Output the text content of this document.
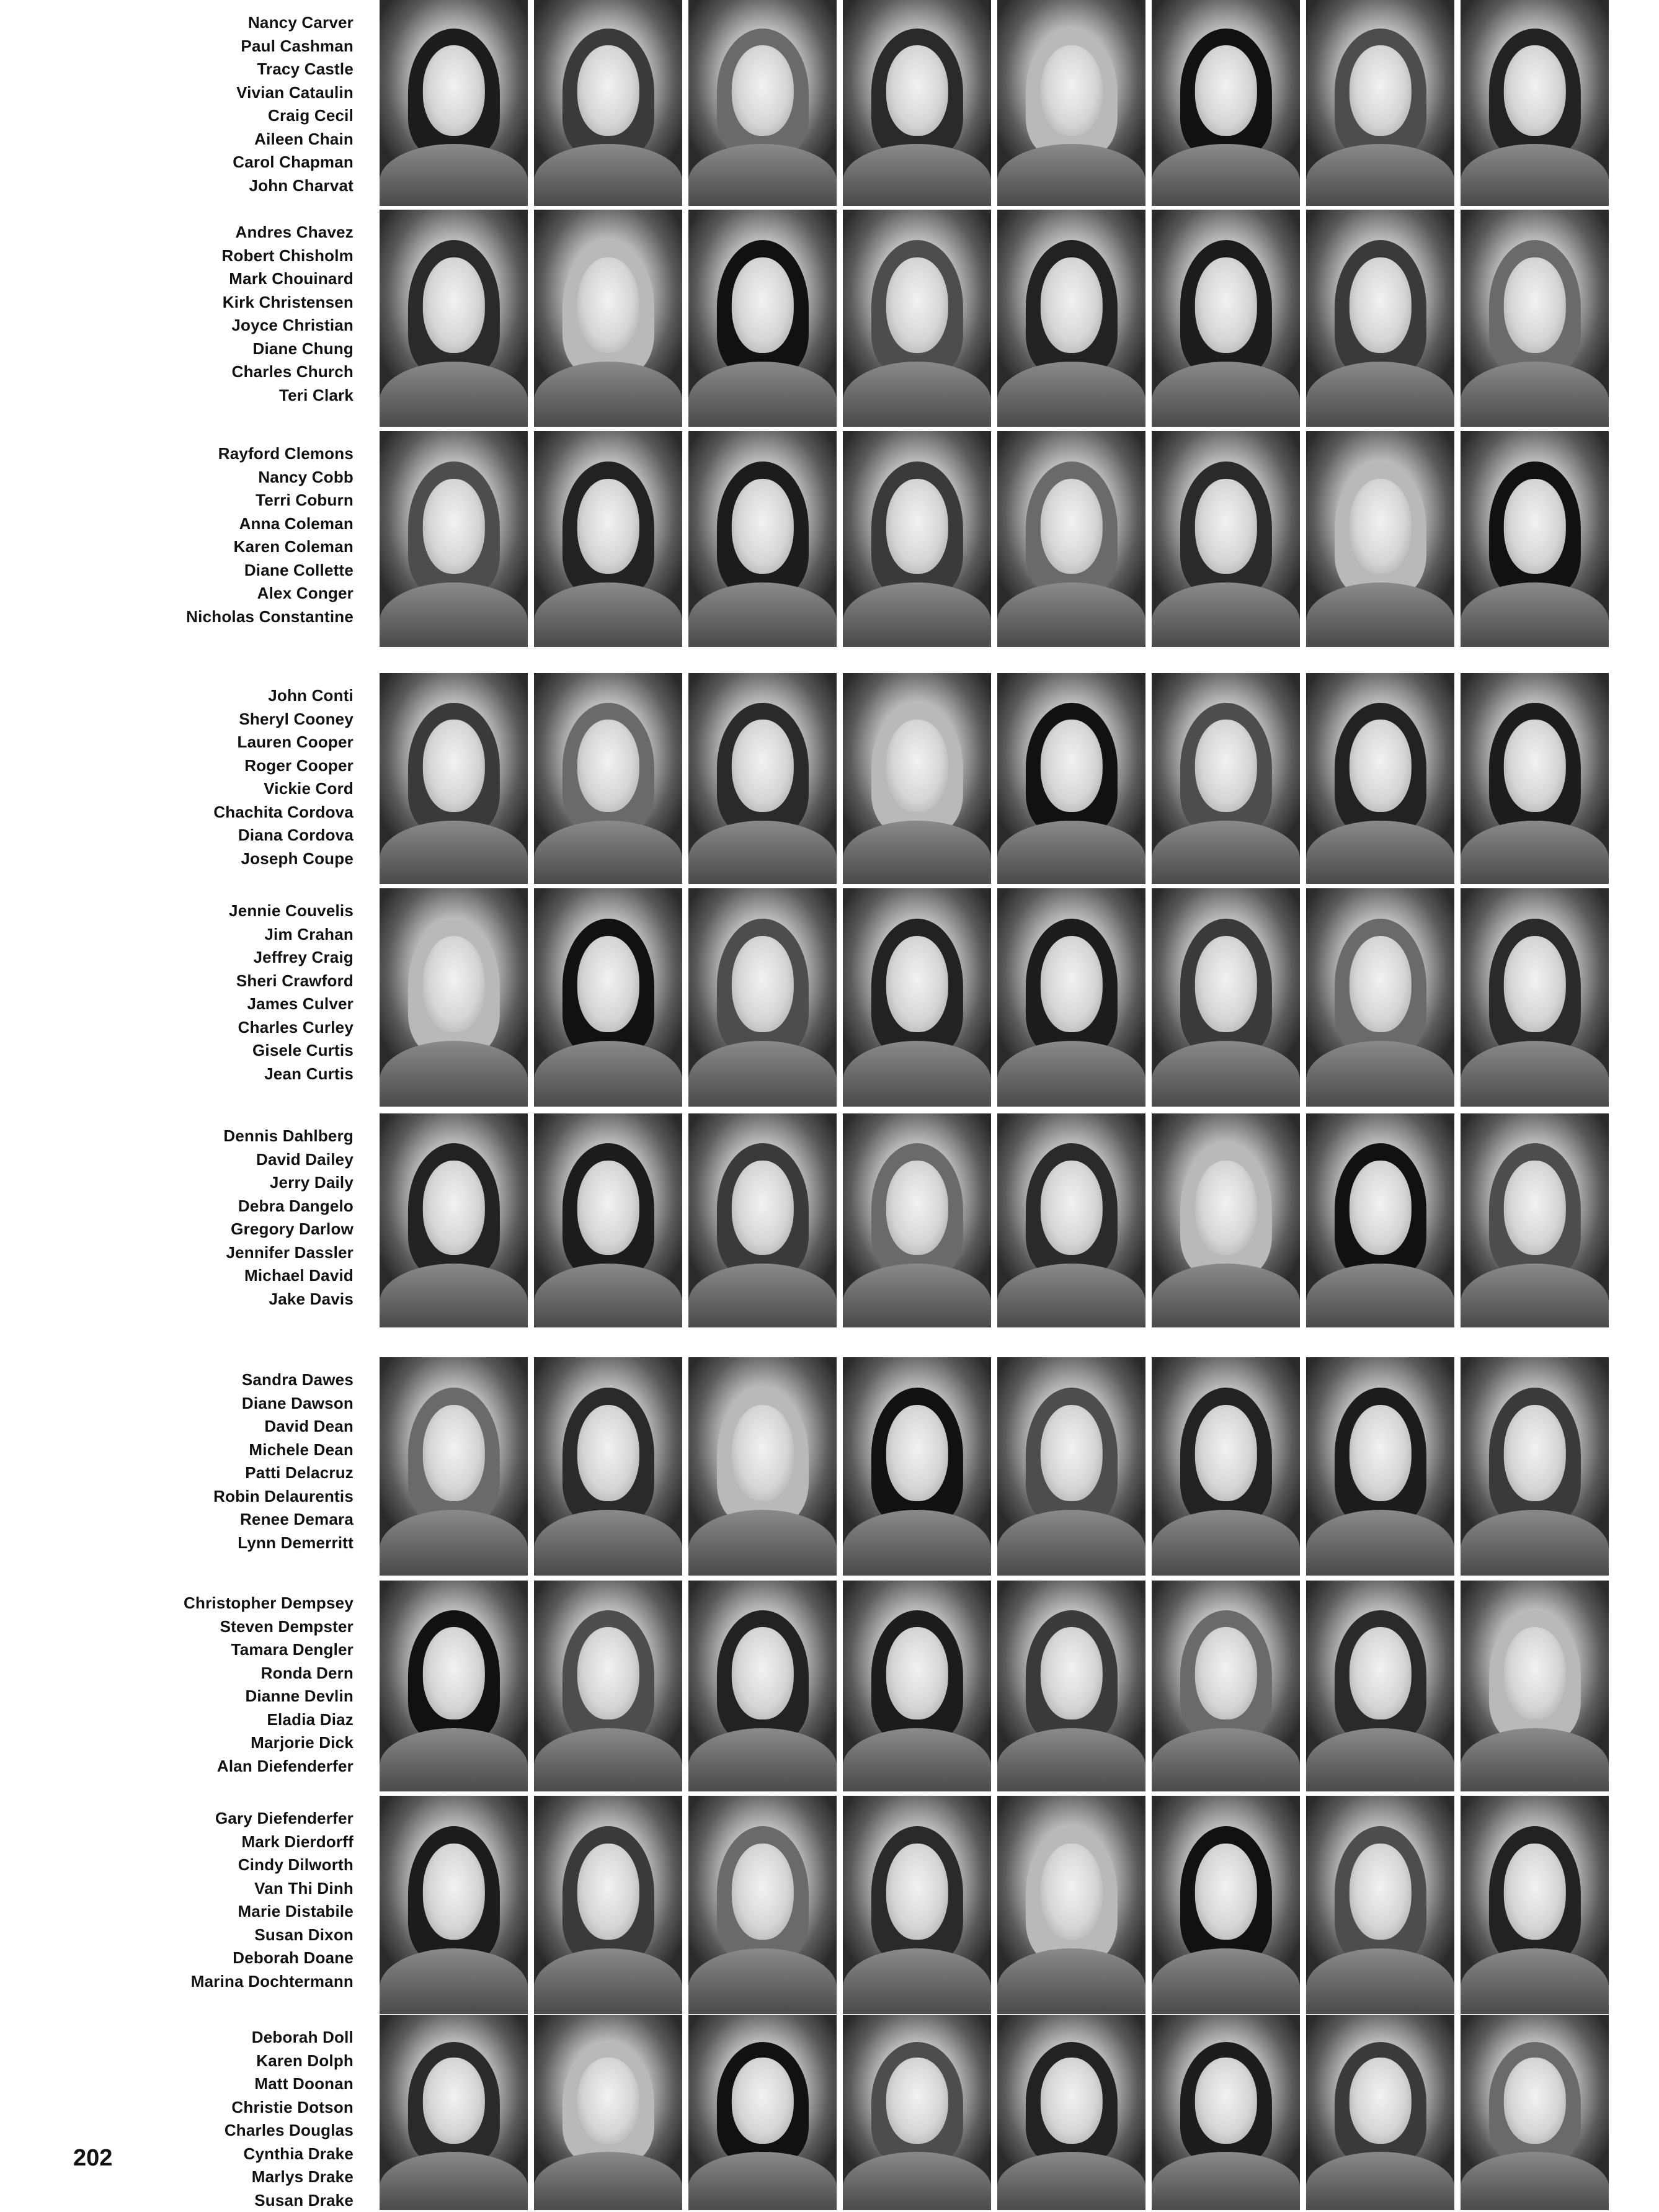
Nancy Carver
Paul Cashman
Tracy Castle
Vivian Cataulin
Craig Cecil
Aileen Chain
Carol Chapman
John Charvat
Andres Chavez
Robert Chisholm
Mark Chouinard
Kirk Christensen
Joyce Christian
Diane Chung
Charles Church
Teri Clark
Rayford Clemons
Nancy Cobb
Terri Coburn
Anna Coleman
Karen Coleman
Diane Collette
Alex Conger
Nicholas Constantine
John Conti
Sheryl Cooney
Lauren Cooper
Roger Cooper
Vickie Cord
Chachita Cordova
Diana Cordova
Joseph Coupe
Jennie Couvelis
Jim Crahan
Jeffrey Craig
Sheri Crawford
James Culver
Charles Curley
Gisele Curtis
Jean Curtis
Dennis Dahlberg
David Dailey
Jerry Daily
Debra Dangelo
Gregory Darlow
Jennifer Dassler
Michael David
Jake Davis
Sandra Dawes
Diane Dawson
David Dean
Michele Dean
Patti Delacruz
Robin Delaurentis
Renee Demara
Lynn Demerritt
Christopher Dempsey
Steven Dempster
Tamara Dengler
Ronda Dern
Dianne Devlin
Eladia Diaz
Marjorie Dick
Alan Diefenderfer
Gary Diefenderfer
Mark Dierdorff
Cindy Dilworth
Van Thi Dinh
Marie Distabile
Susan Dixon
Deborah Doane
Marina Dochtermann
Deborah Doll
Karen Dolph
Matt Doonan
Christie Dotson
Charles Douglas
Cynthia Drake
Marlys Drake
Susan Drake
202
